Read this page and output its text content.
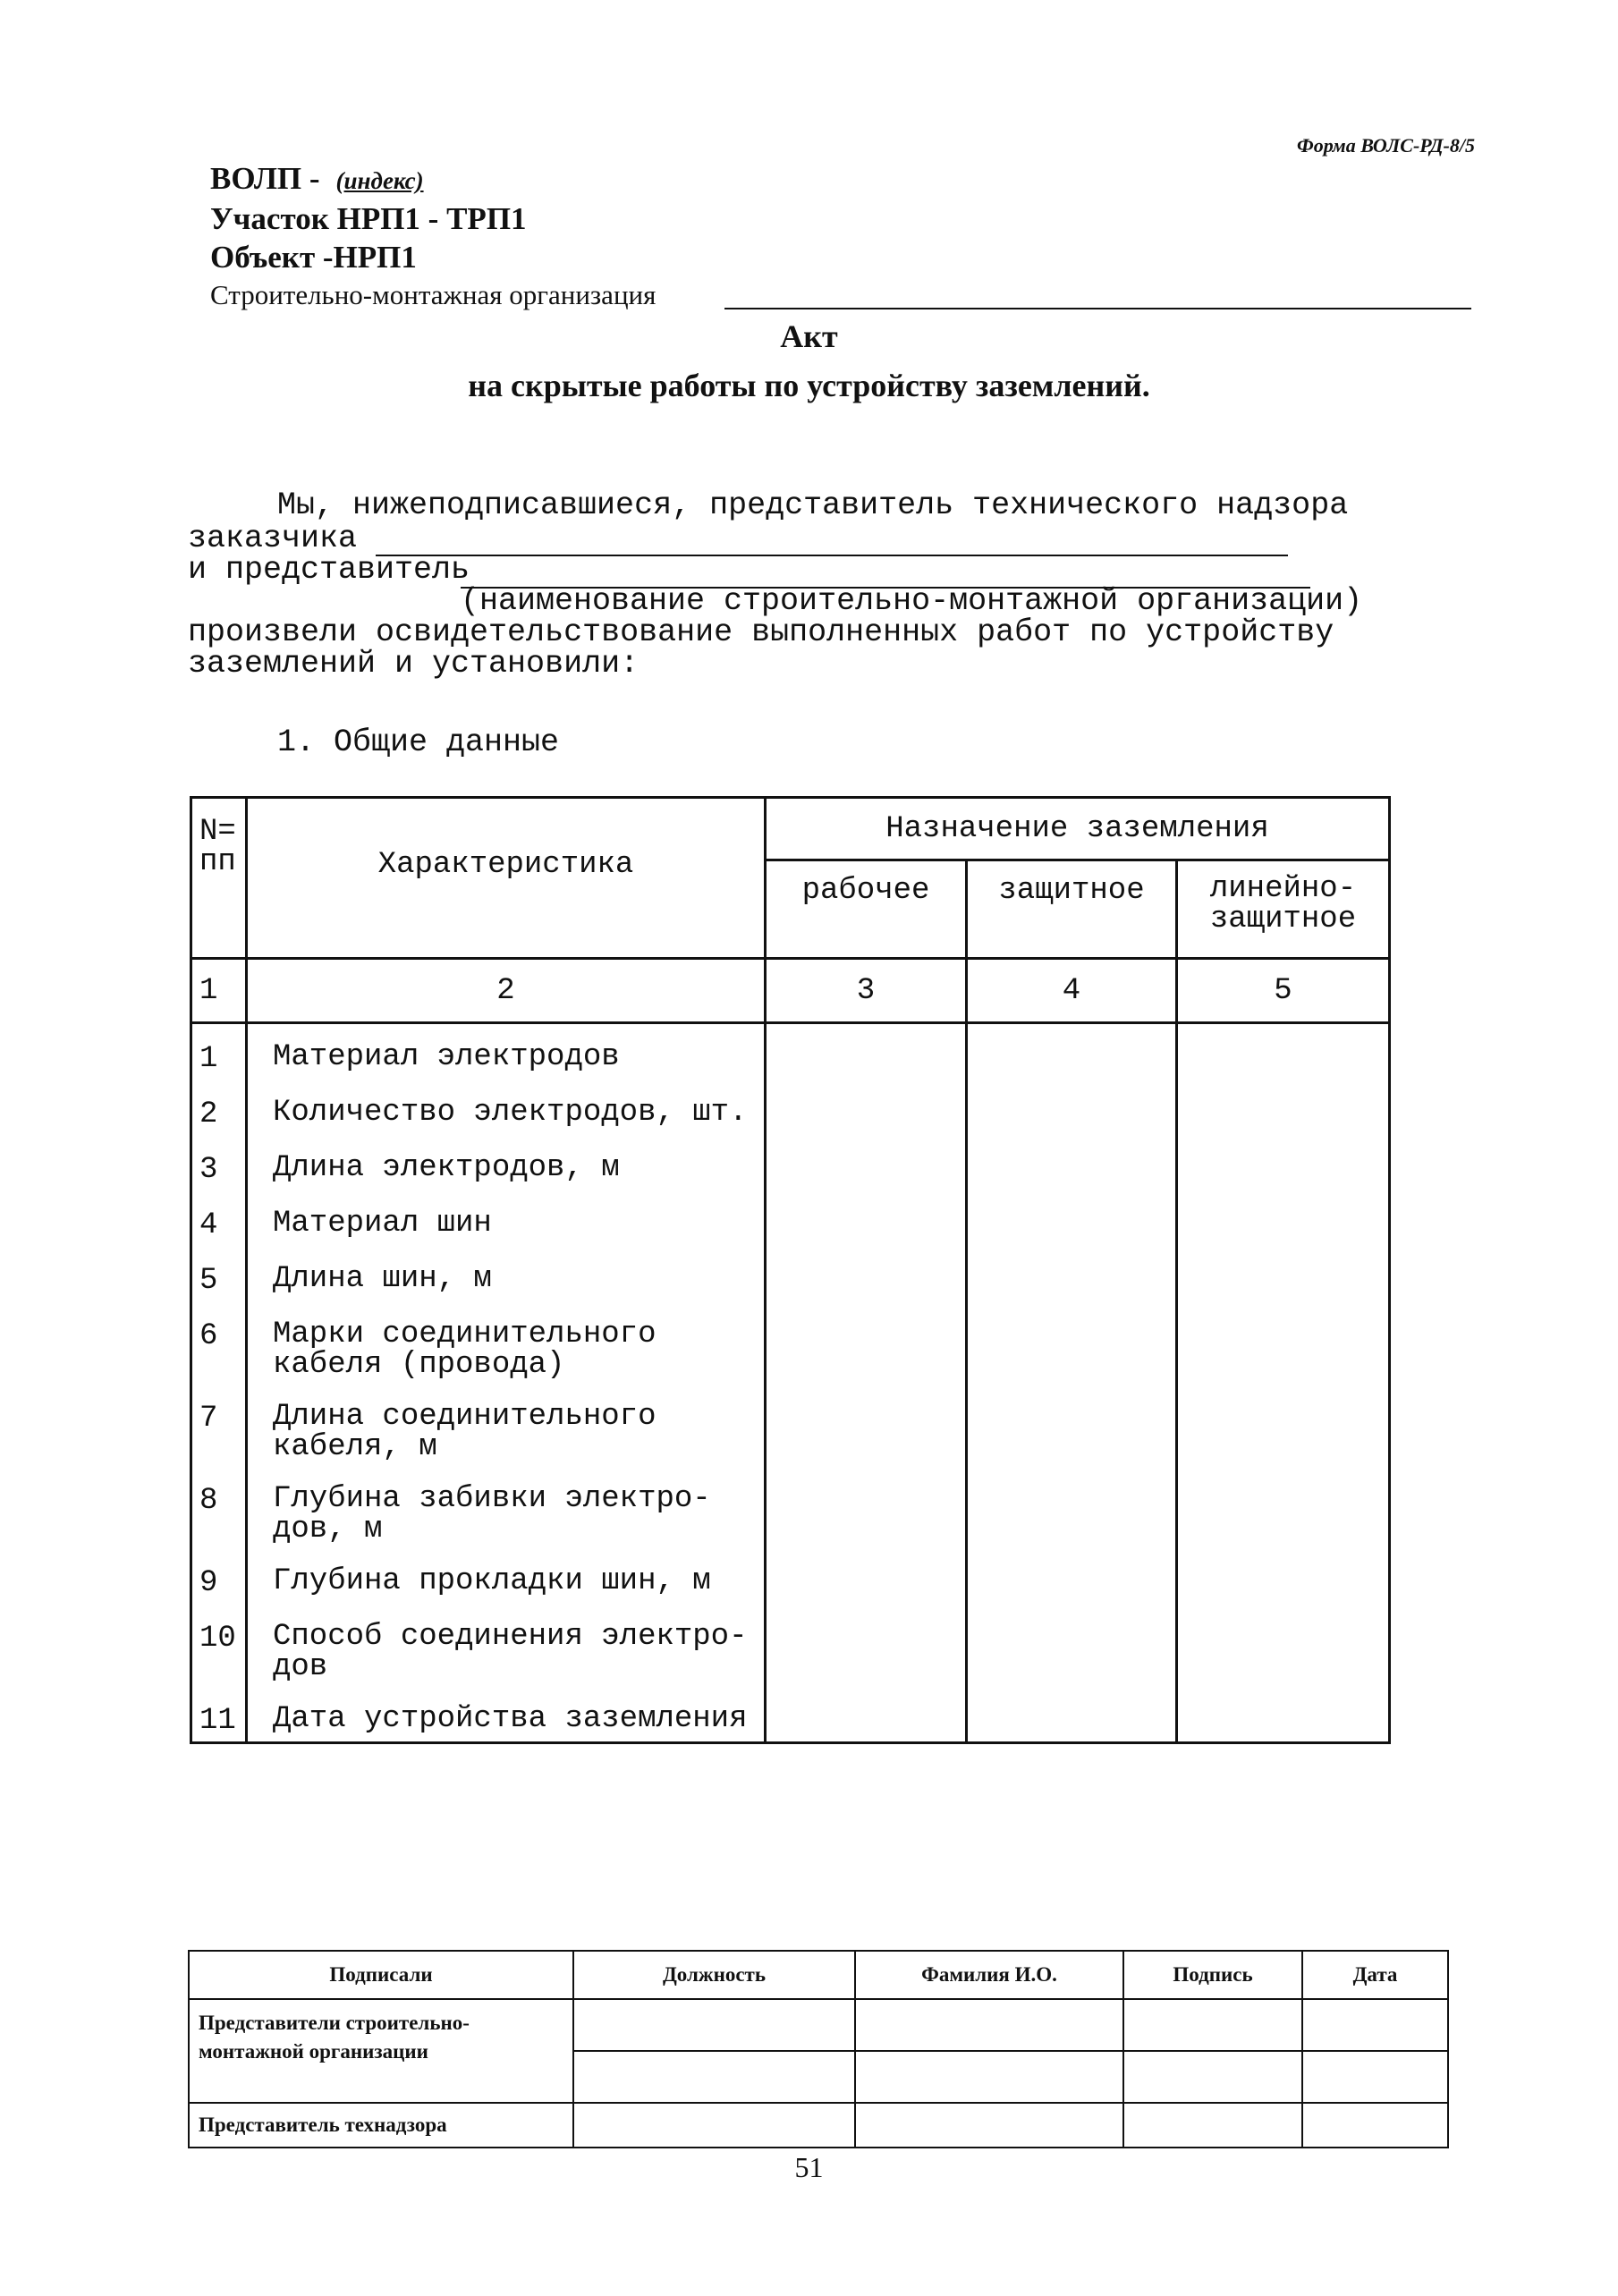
Форма ВОЛС-РД-8/5
ВОЛП - (индекс)
Участок НРП1 - ТРП1
Объект -НРП1
Строительно-монтажная организация
Акт
на скрытые работы по устройству заземлений.
Мы, нижеподписавшиеся, представитель технического надзора
заказчика
и представитель
(наименование строительно-монтажной организации)
произвели освидетельствование выполненных работ по устройству
заземлений и установили:
1. Общие данные
N=
пп	Характеристика	Назначение заземления		
		рабочее	защитное	линейно-
защитное
1	2	3	4	5
1	Материал электродов			
2	Количество электродов, шт.			
3	Длина электродов, м			
4	Материал шин			
5	Длина шин, м			
6	Марки соединительного
кабеля (провода)			
7	Длина соединительного
кабеля, м			
8	Глубина забивки электро-
дов, м			
9	Глубина прокладки шин, м			
10	Способ соединения электро-
дов			
11	Дата устройства заземления			
Подписали	Должность	Фамилия И.О.	Подпись	Дата
Представители строительно-
монтажной организации				

Представитель технадзора				
51
